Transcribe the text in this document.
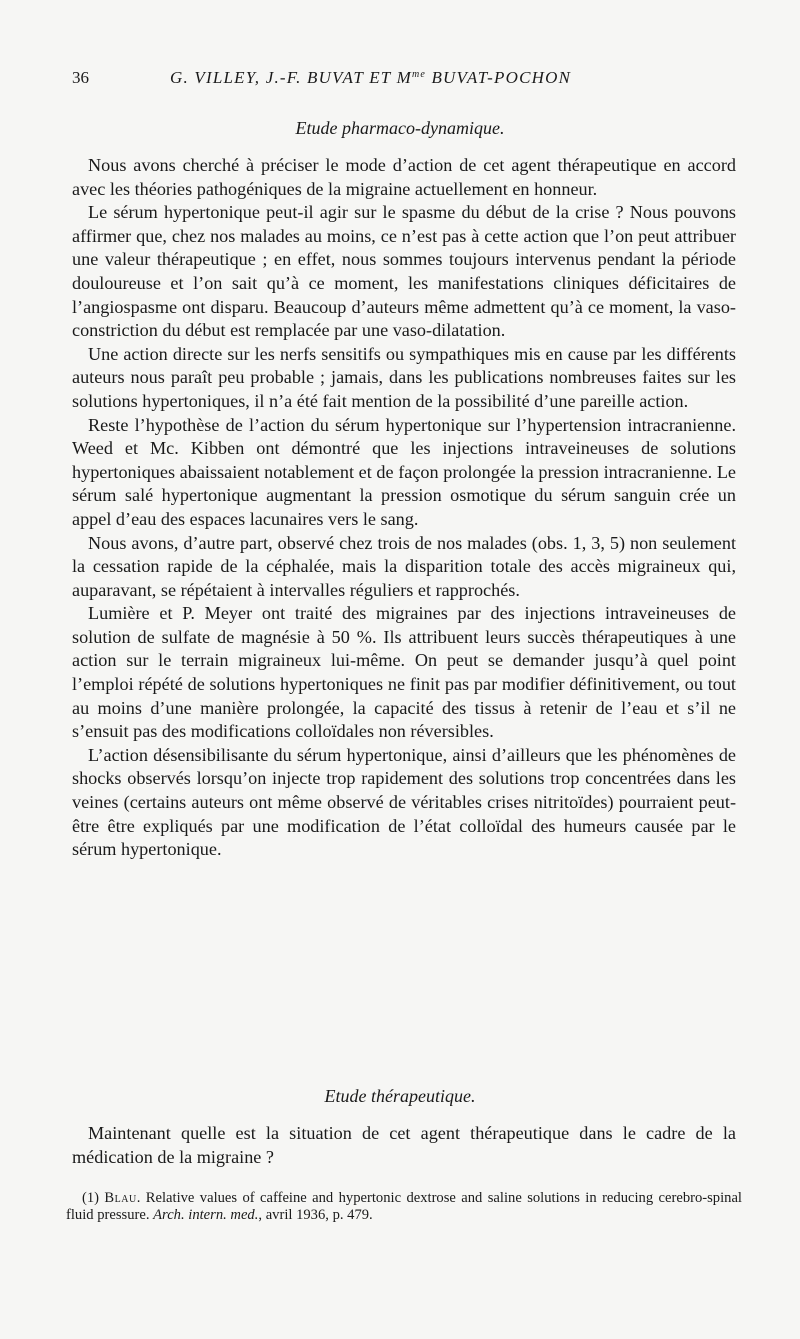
36	G. VILLEY, J.-F. BUVAT ET $M^{me}$ BUVAT-POCHON
Etude pharmaco-dynamique.

Nous avons cherché à préciser le mode d’action de cet agent thérapeutique en accord avec les théories pathogéniques de la migraine actuellement en honneur.

Le sérum hypertonique peut-il agir sur le spasme du début de la crise ? Nous pouvons affirmer que, chez nos malades au moins, ce n’est pas à cette action que l’on peut attribuer une valeur thérapeutique ; en effet, nous sommes toujours intervenus pendant la période douloureuse et l’on sait qu’à ce moment, les manifestations cliniques déficitaires de l’angiospasme ont disparu. Beaucoup d’auteurs même admettent qu’à ce moment, la vaso-constriction du début est remplacée par une vaso-dilatation.

Une action directe sur les nerfs sensitifs ou sympathiques mis en cause par les différents auteurs nous paraît peu probable ; jamais, dans les publications nombreuses faites sur les solutions hypertoniques, il n’a été fait mention de la possibilité d’une pareille action.

Reste l’hypothèse de l’action du sérum hypertonique sur l’hypertension intracranienne. Weed et Mc. Kibben ont démontré que les injections intraveineuses de solutions hypertoniques abaissaient notablement et de façon prolongée la pression intracranienne. Le sérum salé hypertonique augmentant la pression osmotique du sérum sanguin crée un appel d’eau des espaces lacunaires vers le sang.

Nous avons, d’autre part, observé chez trois de nos malades (obs. 1, 3, 5) non seulement la cessation rapide de la céphalée, mais la disparition totale des accès migraineux qui, auparavant, se répétaient à intervalles réguliers et rapprochés.

Lumière et P. Meyer ont traité des migraines par des injections intraveineuses de solution de sulfate de magnésie à 50 %. Ils attribuent leurs succès thérapeutiques à une action sur le terrain migraineux lui-même. On peut se demander jusqu’à quel point l’emploi répété de solutions hypertoniques ne finit pas par modifier définitivement, ou tout au moins d’une manière prolongée, la capacité des tissus à retenir de l’eau et s’il ne s’ensuit pas des modifications colloïdales non réversibles.

L’action désensibilisante du sérum hypertonique, ainsi d’ailleurs que les phénomènes de shocks observés lorsqu’on injecte trop rapidement des solutions trop concentrées dans les veines (certains auteurs ont même observé de véritables crises nitritoïdes) pourraient peut-être être expliqués par une modification de l’état colloïdal des humeurs causée par le sérum hypertonique.

Etude thérapeutique.

Maintenant quelle est la situation de cet agent thérapeutique dans le cadre de la médication de la migraine ?

(1) Blau. Relative values of caffeine and hypertonic dextrose and saline solutions in reducing cerebro-spinal fluid pressure. Arch. intern. med., avril 1936, p. 479.
